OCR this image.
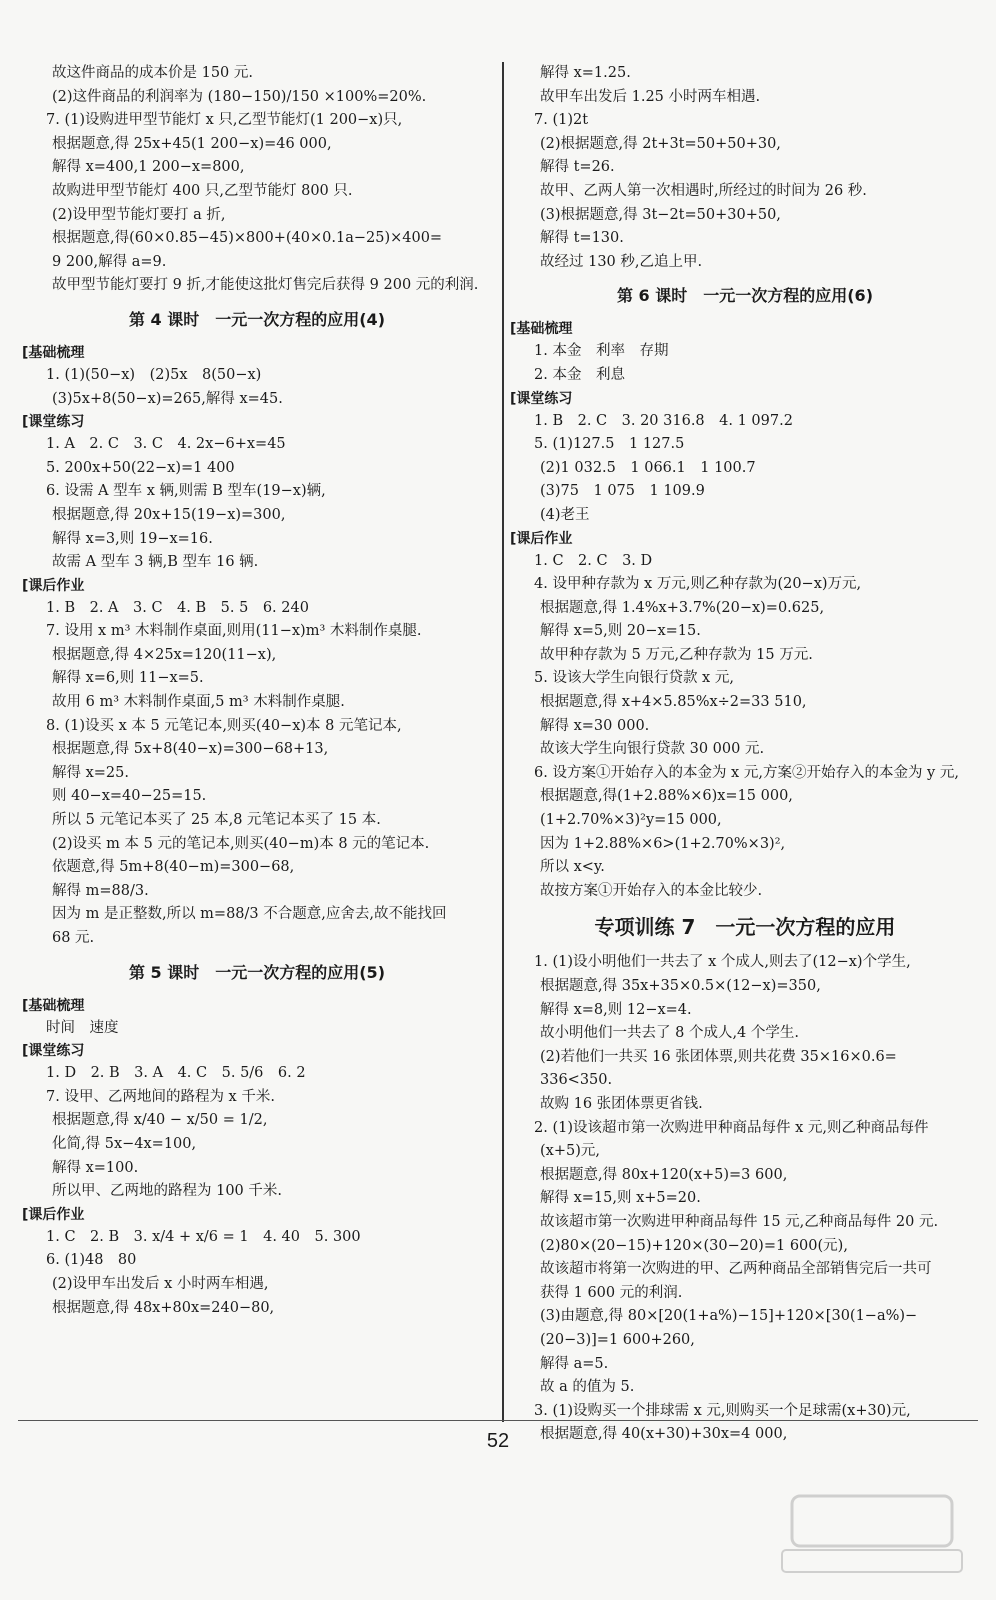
故这件商品的成本价是 150 元.
(2)这件商品的利润率为 (180−150)/150 ×100%=20%.
7. (1)设购进甲型节能灯 x 只,乙型节能灯(1 200−x)只,
根据题意,得 25x+45(1 200−x)=46 000,
解得 x=400,1 200−x=800,
故购进甲型节能灯 400 只,乙型节能灯 800 只.
(2)设甲型节能灯要打 a 折,
根据题意,得(60×0.85−45)×800+(40×0.1a−25)×400=
9 200,解得 a=9.
故甲型节能灯要打 9 折,才能使这批灯售完后获得 9 200 元的利润.
第 4 课时　一元一次方程的应用(4)
[基础梳理
1. (1)(50−x)　(2)5x　8(50−x)
(3)5x+8(50−x)=265,解得 x=45.
[课堂练习
1. A　2. C　3. C　4. 2x−6+x=45
5. 200x+50(22−x)=1 400
6. 设需 A 型车 x 辆,则需 B 型车(19−x)辆,
根据题意,得 20x+15(19−x)=300,
解得 x=3,则 19−x=16.
故需 A 型车 3 辆,B 型车 16 辆.
[课后作业
1. B　2. A　3. C　4. B　5. 5　6. 240
7. 设用 x m³ 木料制作桌面,则用(11−x)m³ 木料制作桌腿.
根据题意,得 4×25x=120(11−x),
解得 x=6,则 11−x=5.
故用 6 m³ 木料制作桌面,5 m³ 木料制作桌腿.
8. (1)设买 x 本 5 元笔记本,则买(40−x)本 8 元笔记本,
根据题意,得 5x+8(40−x)=300−68+13,
解得 x=25.
则 40−x=40−25=15.
所以 5 元笔记本买了 25 本,8 元笔记本买了 15 本.
(2)设买 m 本 5 元的笔记本,则买(40−m)本 8 元的笔记本.
依题意,得 5m+8(40−m)=300−68,
解得 m=88/3.
因为 m 是正整数,所以 m=88/3 不合题意,应舍去,故不能找回
68 元.
第 5 课时　一元一次方程的应用(5)
[基础梳理
时间　速度
[课堂练习
1. D　2. B　3. A　4. C　5. 5/6　6. 2
7. 设甲、乙两地间的路程为 x 千米.
根据题意,得 x/40 − x/50 = 1/2,
化简,得 5x−4x=100,
解得 x=100.
所以甲、乙两地的路程为 100 千米.
[课后作业
1. C　2. B　3. x/4 + x/6 = 1　4. 40　5. 300
6. (1)48　80
(2)设甲车出发后 x 小时两车相遇,
根据题意,得 48x+80x=240−80,
解得 x=1.25.
故甲车出发后 1.25 小时两车相遇.
7. (1)2t
(2)根据题意,得 2t+3t=50+50+30,
解得 t=26.
故甲、乙两人第一次相遇时,所经过的时间为 26 秒.
(3)根据题意,得 3t−2t=50+30+50,
解得 t=130.
故经过 130 秒,乙追上甲.
第 6 课时　一元一次方程的应用(6)
[基础梳理
1. 本金　利率　存期
2. 本金　利息
[课堂练习
1. B　2. C　3. 20 316.8　4. 1 097.2
5. (1)127.5　1 127.5
(2)1 032.5　1 066.1　1 100.7
(3)75　1 075　1 109.9
(4)老王
[课后作业
1. C　2. C　3. D
4. 设甲种存款为 x 万元,则乙种存款为(20−x)万元,
根据题意,得 1.4%x+3.7%(20−x)=0.625,
解得 x=5,则 20−x=15.
故甲种存款为 5 万元,乙种存款为 15 万元.
5. 设该大学生向银行贷款 x 元,
根据题意,得 x+4×5.85%x÷2=33 510,
解得 x=30 000.
故该大学生向银行贷款 30 000 元.
6. 设方案①开始存入的本金为 x 元,方案②开始存入的本金为 y 元,
根据题意,得(1+2.88%×6)x=15 000,
(1+2.70%×3)²y=15 000,
因为 1+2.88%×6>(1+2.70%×3)²,
所以 x<y.
故按方案①开始存入的本金比较少.
专项训练 7　一元一次方程的应用
1. (1)设小明他们一共去了 x 个成人,则去了(12−x)个学生,
根据题意,得 35x+35×0.5×(12−x)=350,
解得 x=8,则 12−x=4.
故小明他们一共去了 8 个成人,4 个学生.
(2)若他们一共买 16 张团体票,则共花费 35×16×0.6=
336<350.
故购 16 张团体票更省钱.
2. (1)设该超市第一次购进甲种商品每件 x 元,则乙种商品每件
(x+5)元,
根据题意,得 80x+120(x+5)=3 600,
解得 x=15,则 x+5=20.
故该超市第一次购进甲种商品每件 15 元,乙种商品每件 20 元.
(2)80×(20−15)+120×(30−20)=1 600(元),
故该超市将第一次购进的甲、乙两种商品全部销售完后一共可
获得 1 600 元的利润.
(3)由题意,得 80×[20(1+a%)−15]+120×[30(1−a%)−
(20−3)]=1 600+260,
解得 a=5.
故 a 的值为 5.
3. (1)设购买一个排球需 x 元,则购买一个足球需(x+30)元,
根据题意,得 40(x+30)+30x=4 000,
52
